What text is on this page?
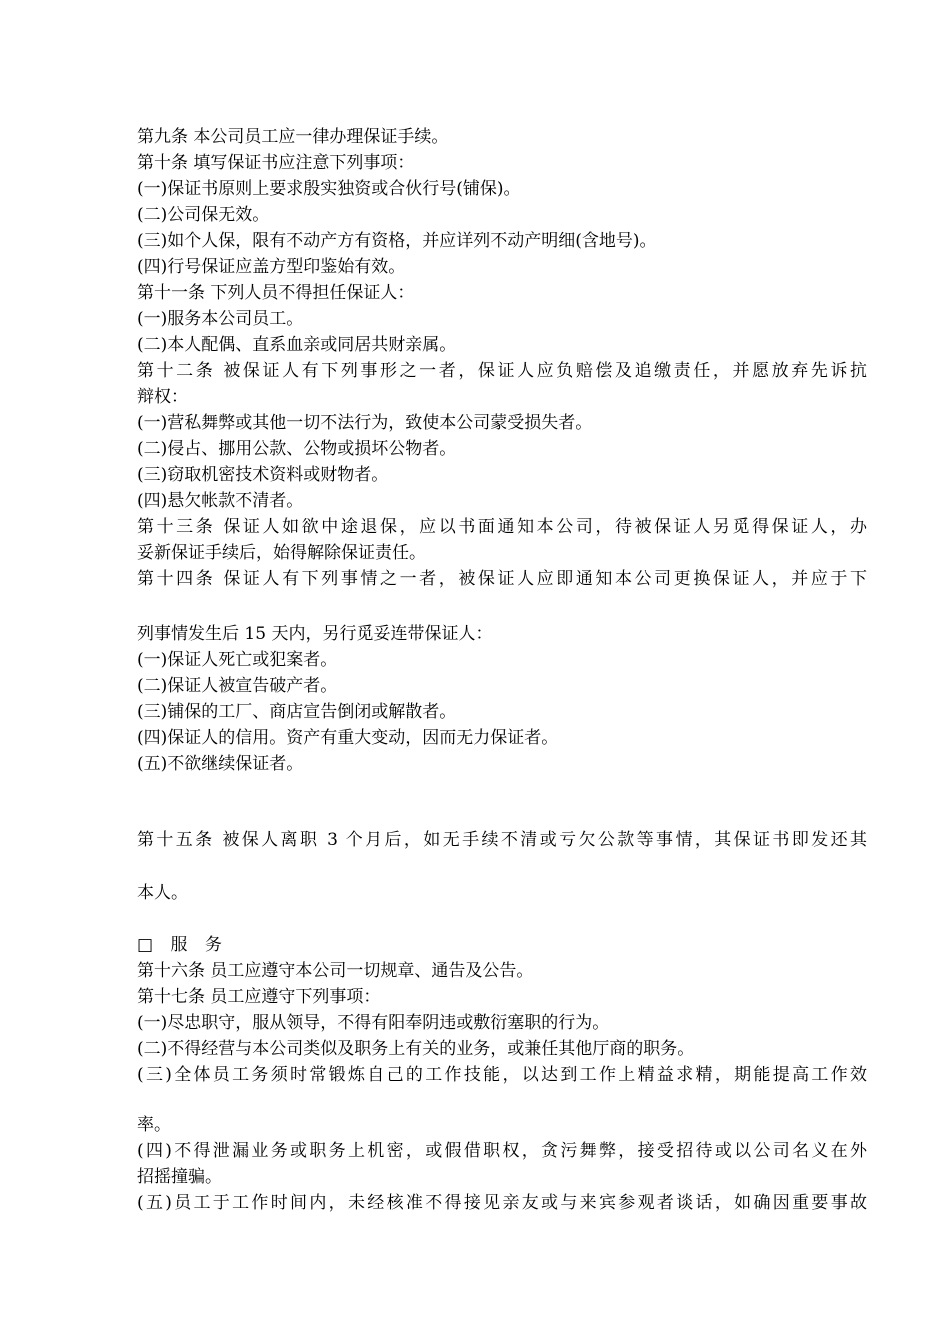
第九条 本公司员工应一律办理保证手续。
第十条 填写保证书应注意下列事项：
(一)保证书原则上要求殷实独资或合伙行号(铺保)。
(二)公司保无效。
(三)如个人保，限有不动产方有资格，并应详列不动产明细(含地号)。
(四)行号保证应盖方型印鉴始有效。
第十一条 下列人员不得担任保证人：
(一)服务本公司员工。
(二)本人配偶、直系血亲或同居共财亲属。
第十二条 被保证人有下列事形之一者，保证人应负赔偿及追缴责任，并愿放弃先诉抗
辩权：
(一)营私舞弊或其他一切不法行为，致使本公司蒙受损失者。
(二)侵占、挪用公款、公物或损坏公物者。
(三)窃取机密技术资料或财物者。
(四)悬欠帐款不清者。
第十三条 保证人如欲中途退保，应以书面通知本公司，待被保证人另觅得保证人，办
妥新保证手续后，始得解除保证责任。
第十四条 保证人有下列事情之一者，被保证人应即通知本公司更换保证人，并应于下
列事情发生后 15 天内，另行觅妥连带保证人：
(一)保证人死亡或犯案者。
(二)保证人被宣告破产者。
(三)铺保的工厂、商店宣告倒闭或解散者。
(四)保证人的信用。资产有重大变动，因而无力保证者。
(五)不欲继续保证者。
第十五条 被保人离职 3 个月后，如无手续不清或亏欠公款等事情，其保证书即发还其
本人。
□ 服 务
第十六条 员工应遵守本公司一切规章、通告及公告。
第十七条 员工应遵守下列事项：
(一)尽忠职守，服从领导，不得有阳奉阴违或敷衍塞职的行为。
(二)不得经营与本公司类似及职务上有关的业务，或兼任其他厅商的职务。
(三)全体员工务须时常锻炼自己的工作技能，以达到工作上精益求精，期能提高工作效
率。
(四)不得泄漏业务或职务上机密，或假借职权，贪污舞弊，接受招待或以公司名义在外
招摇撞骗。
(五)员工于工作时间内，未经核准不得接见亲友或与来宾参观者谈话，如确因重要事故
